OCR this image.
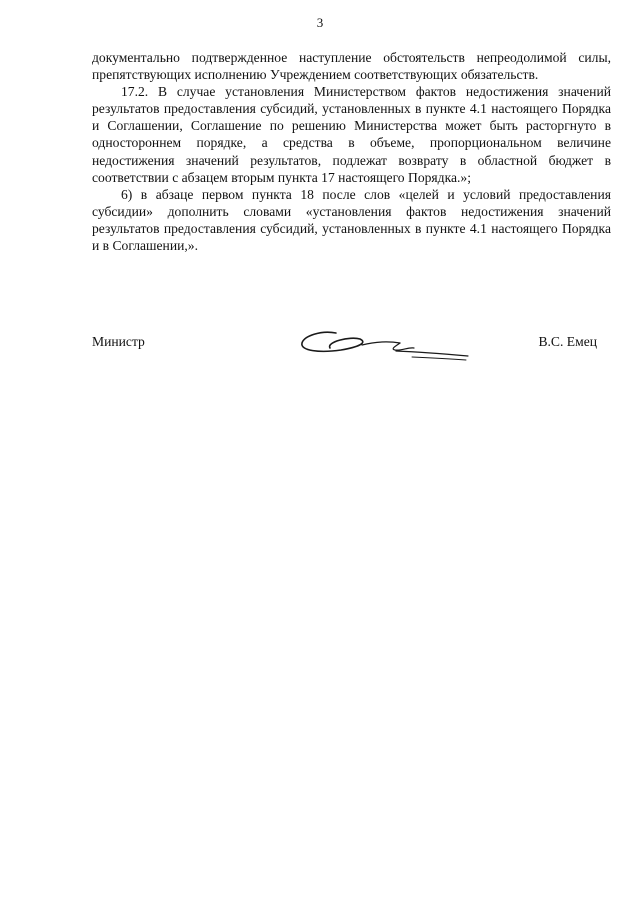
3

документально подтвержденное наступление обстоятельств непреодолимой силы, препятствующих исполнению Учреждением соответствующих обязательств.

17.2. В случае установления Министерством фактов недостижения значений результатов предоставления субсидий, установленных в пункте 4.1 настоящего Порядка и Соглашении, Соглашение по решению Министерства может быть расторгнуто в одностороннем порядке, а средства в объеме, пропорциональном величине недостижения значений результатов, подлежат возврату в областной бюджет в соответствии с абзацем вторым пункта 17 настоящего Порядка.»;

6) в абзаце первом пункта 18 после слов «целей и условий предоставления субсидии» дополнить словами «установления фактов недостижения значений результатов предоставления субсидий, установленных в пункте 4.1 настоящего Порядка и в Соглашении,».

Министр	В.С. Емец
